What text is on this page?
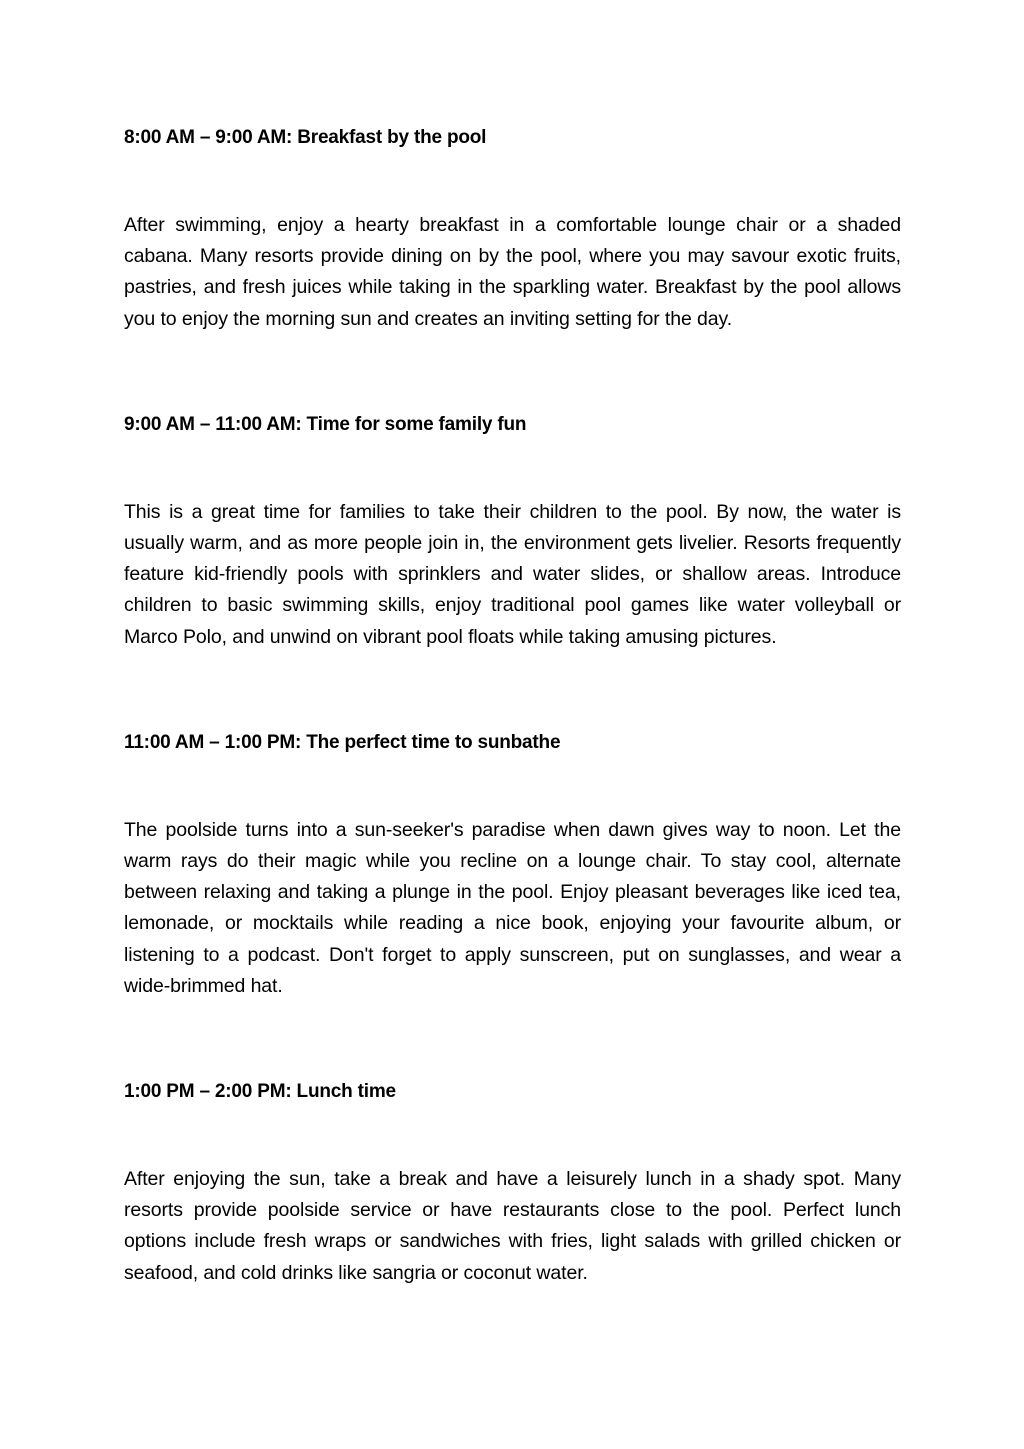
8:00 AM – 9:00 AM: Breakfast by the pool

After swimming, enjoy a hearty breakfast in a comfortable lounge chair or a shaded cabana. Many resorts provide dining on by the pool, where you may savour exotic fruits, pastries, and fresh juices while taking in the sparkling water. Breakfast by the pool allows you to enjoy the morning sun and creates an inviting setting for the day.

9:00 AM – 11:00 AM: Time for some family fun

This is a great time for families to take their children to the pool. By now, the water is usually warm, and as more people join in, the environment gets livelier. Resorts frequently feature kid-friendly pools with sprinklers and water slides, or shallow areas. Introduce children to basic swimming skills, enjoy traditional pool games like water volleyball or Marco Polo, and unwind on vibrant pool floats while taking amusing pictures.

11:00 AM – 1:00 PM: The perfect time to sunbathe

The poolside turns into a sun-seeker's paradise when dawn gives way to noon. Let the warm rays do their magic while you recline on a lounge chair. To stay cool, alternate between relaxing and taking a plunge in the pool. Enjoy pleasant beverages like iced tea, lemonade, or mocktails while reading a nice book, enjoying your favourite album, or listening to a podcast. Don't forget to apply sunscreen, put on sunglasses, and wear a wide-brimmed hat.

1:00 PM – 2:00 PM: Lunch time

After enjoying the sun, take a break and have a leisurely lunch in a shady spot. Many resorts provide poolside service or have restaurants close to the pool. Perfect lunch options include fresh wraps or sandwiches with fries, light salads with grilled chicken or seafood, and cold drinks like sangria or coconut water.
